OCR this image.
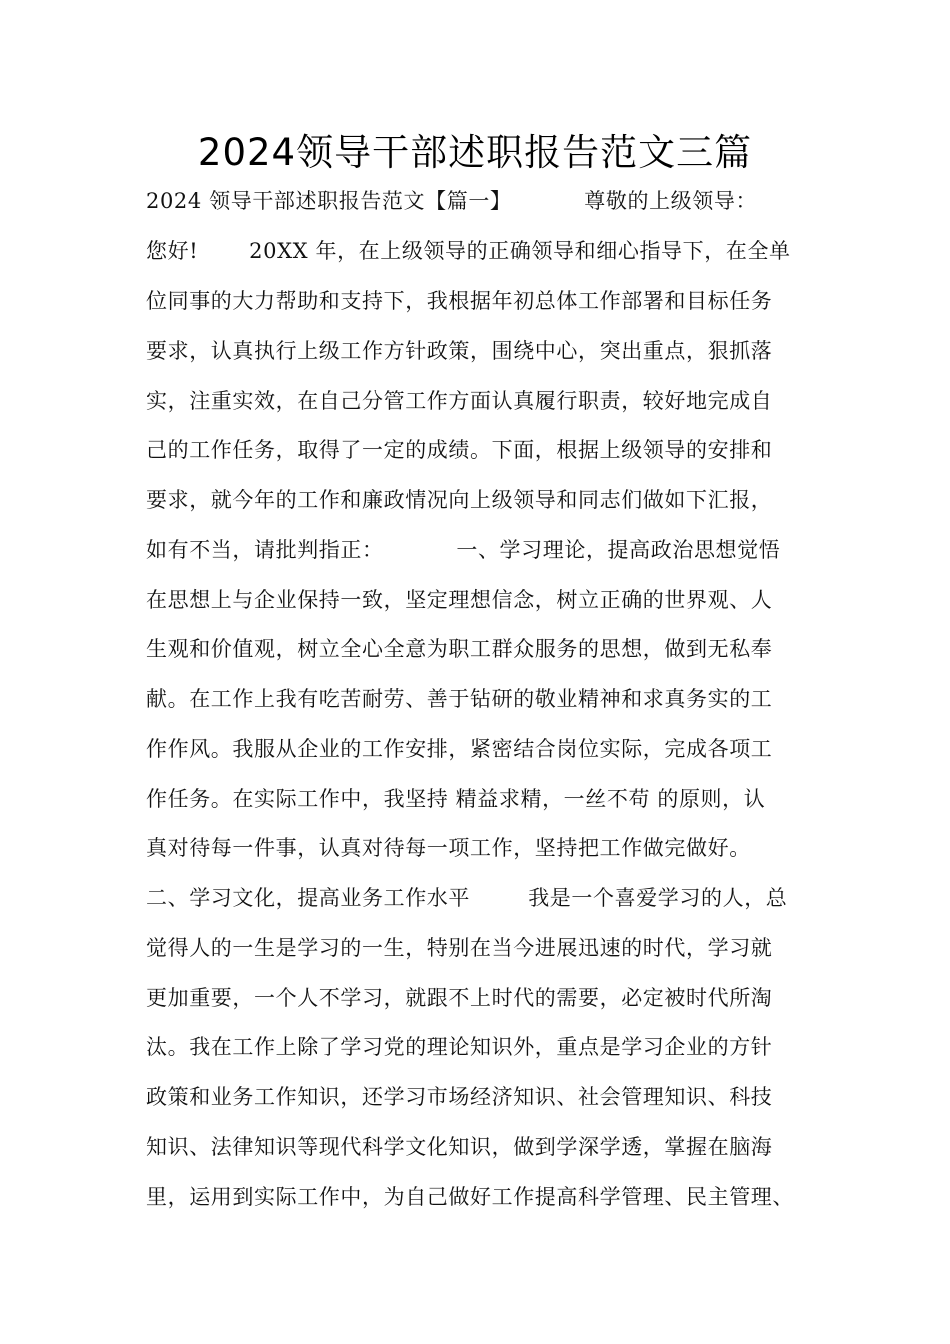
2024领导干部述职报告范文三篇
2024 领导干部述职报告范文【篇一】          尊敬的上级领导：
您好!       20XX 年，在上级领导的正确领导和细心指导下，在全单
位同事的大力帮助和支持下，我根据年初总体工作部署和目标任务
要求，认真执行上级工作方针政策，围绕中心，突出重点，狠抓落
实，注重实效，在自己分管工作方面认真履行职责，较好地完成自
己的工作任务，取得了一定的成绩。下面，根据上级领导的安排和
要求，就今年的工作和廉政情况向上级领导和同志们做如下汇报，
如有不当，请批判指正：          一、学习理论，提高政治思想觉悟
在思想上与企业保持一致，坚定理想信念，树立正确的世界观、人
生观和价值观，树立全心全意为职工群众服务的思想，做到无私奉
献。在工作上我有吃苦耐劳、善于钻研的敬业精神和求真务实的工
作作风。我服从企业的工作安排，紧密结合岗位实际，完成各项工
作任务。在实际工作中，我坚持 精益求精，一丝不苟 的原则，认
真对待每一件事，认真对待每一项工作，坚持把工作做完做好。
二、学习文化，提高业务工作水平        我是一个喜爱学习的人，总
觉得人的一生是学习的一生，特别在当今进展迅速的时代，学习就
更加重要，一个人不学习，就跟不上时代的需要，必定被时代所淘
汰。我在工作上除了学习党的理论知识外，重点是学习企业的方针
政策和业务工作知识，还学习市场经济知识、社会管理知识、科技
知识、法律知识等现代科学文化知识，做到学深学透，掌握在脑海
里，运用到实际工作中，为自己做好工作提高科学管理、民主管理、
